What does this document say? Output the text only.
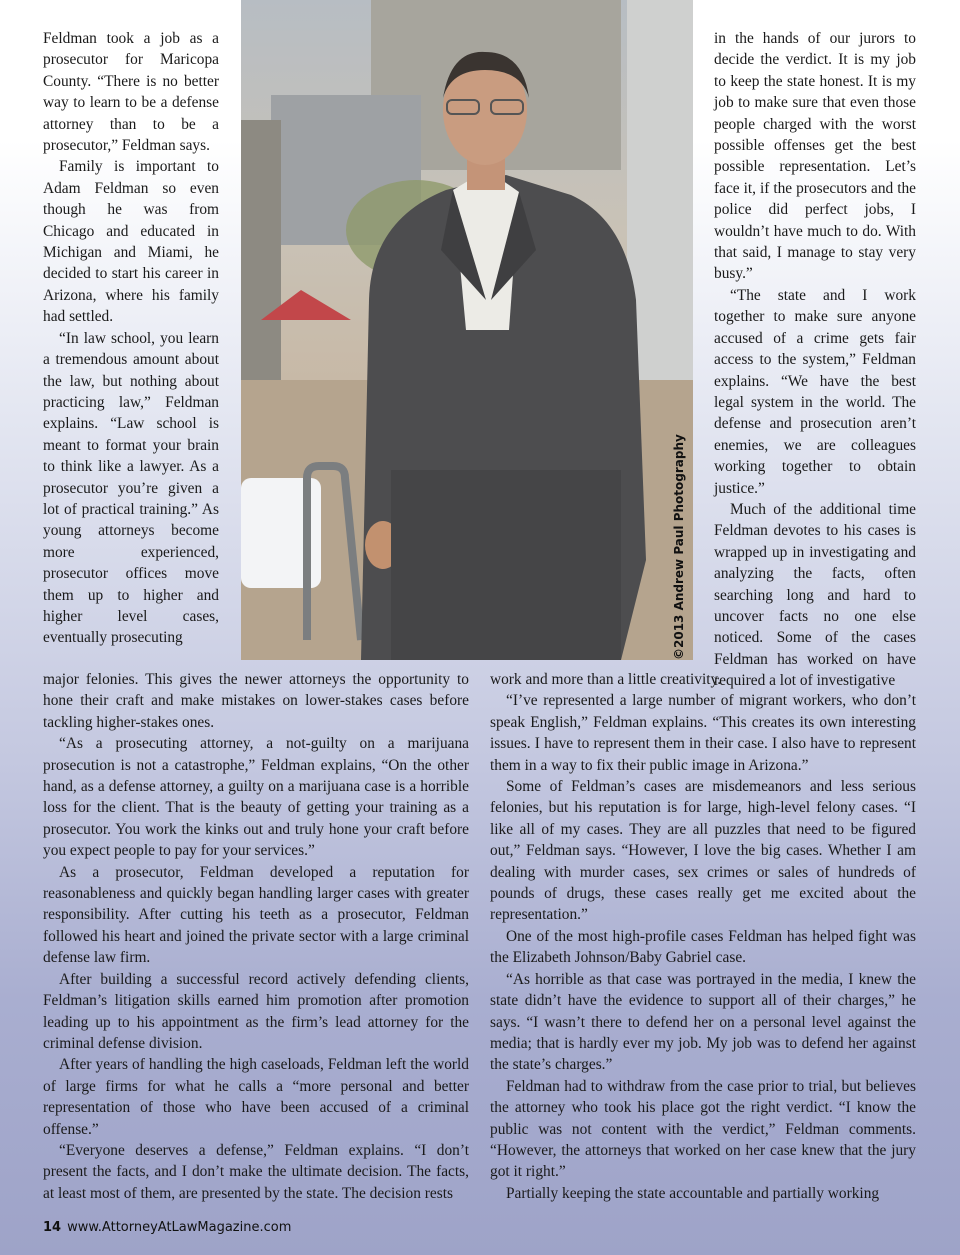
©2013 Andrew Paul Photography

Feldman took a job as a prosecutor for Maricopa County. “There is no better way to learn to be a defense attorney than to be a prosecutor,” Feldman says.

Family is important to Adam Feldman so even though he was from Chicago and educated in Michigan and Miami, he decided to start his career in Arizona, where his family had settled.

“In law school, you learn a tremendous amount about the law, but nothing about practicing law,” Feldman explains. “Law school is meant to format your brain to think like a lawyer. As a prosecutor you’re given a lot of practical training.” As young attorneys become more experienced, prosecutor offices move them up to higher and higher level cases, eventually prosecuting

in the hands of our jurors to decide the verdict. It is my job to keep the state honest. It is my job to make sure that even those people charged with the worst possible offenses get the best possible representation. Let’s face it, if the prosecutors and the police did perfect jobs, I wouldn’t have much to do. With that said, I manage to stay very busy.”

“The state and I work together to make sure anyone accused of a crime gets fair access to the system,” Feldman explains. “We have the best legal system in the world. The defense and prosecution aren’t enemies, we are colleagues working together to obtain justice.”

Much of the additional time Feldman devotes to his cases is wrapped up in investigating and analyzing the facts, often searching long and hard to uncover facts no one else noticed. Some of the cases Feldman has worked on have required a lot of investigative

major felonies. This gives the newer attorneys the opportunity to hone their craft and make mistakes on lower-stakes cases before tackling higher-stakes ones.

“As a prosecuting attorney, a not-guilty on a marijuana prosecution is not a catastrophe,” Feldman explains, “On the other hand, as a defense attorney, a guilty on a marijuana case is a horrible loss for the client. That is the beauty of getting your training as a prosecutor. You work the kinks out and truly hone your craft before you expect people to pay for your services.”

As a prosecutor, Feldman developed a reputation for reasonableness and quickly began handling larger cases with greater responsibility. After cutting his teeth as a prosecutor, Feldman followed his heart and joined the private sector with a large criminal defense law firm.

After building a successful record actively defending clients, Feldman’s litigation skills earned him promotion after promotion leading up to his appointment as the firm’s lead attorney for the criminal defense division.

After years of handling the high caseloads, Feldman left the world of large firms for what he calls a “more personal and better representation of those who have been accused of a criminal offense.”

“Everyone deserves a defense,” Feldman explains. “I don’t present the facts, and I don’t make the ultimate decision. The facts, at least most of them, are presented by the state. The decision rests

work and more than a little creativity.

“I’ve represented a large number of migrant workers, who don’t speak English,” Feldman explains. “This creates its own interesting issues. I have to represent them in their case. I also have to represent them in a way to fix their public image in Arizona.”

Some of Feldman’s cases are misdemeanors and less serious felonies, but his reputation is for large, high-level felony cases. “I like all of my cases. They are all puzzles that need to be figured out,” Feldman says. “However, I love the big cases. Whether I am dealing with murder cases, sex crimes or sales of hundreds of pounds of drugs, these cases really get me excited about the representation.”

One of the most high-profile cases Feldman has helped fight was the Elizabeth Johnson/Baby Gabriel case.

“As horrible as that case was portrayed in the media, I knew the state didn’t have the evidence to support all of their charges,” he says. “I wasn’t there to defend her on a personal level against the media; that is hardly ever my job. My job was to defend her against the state’s charges.”

Feldman had to withdraw from the case prior to trial, but believes the attorney who took his place got the right verdict. “I know the public was not content with the verdict,” Feldman comments. “However, the attorneys that worked on her case knew that the jury got it right.”

Partially keeping the state accountable and partially working

14 www.AttorneyAtLawMagazine.com
